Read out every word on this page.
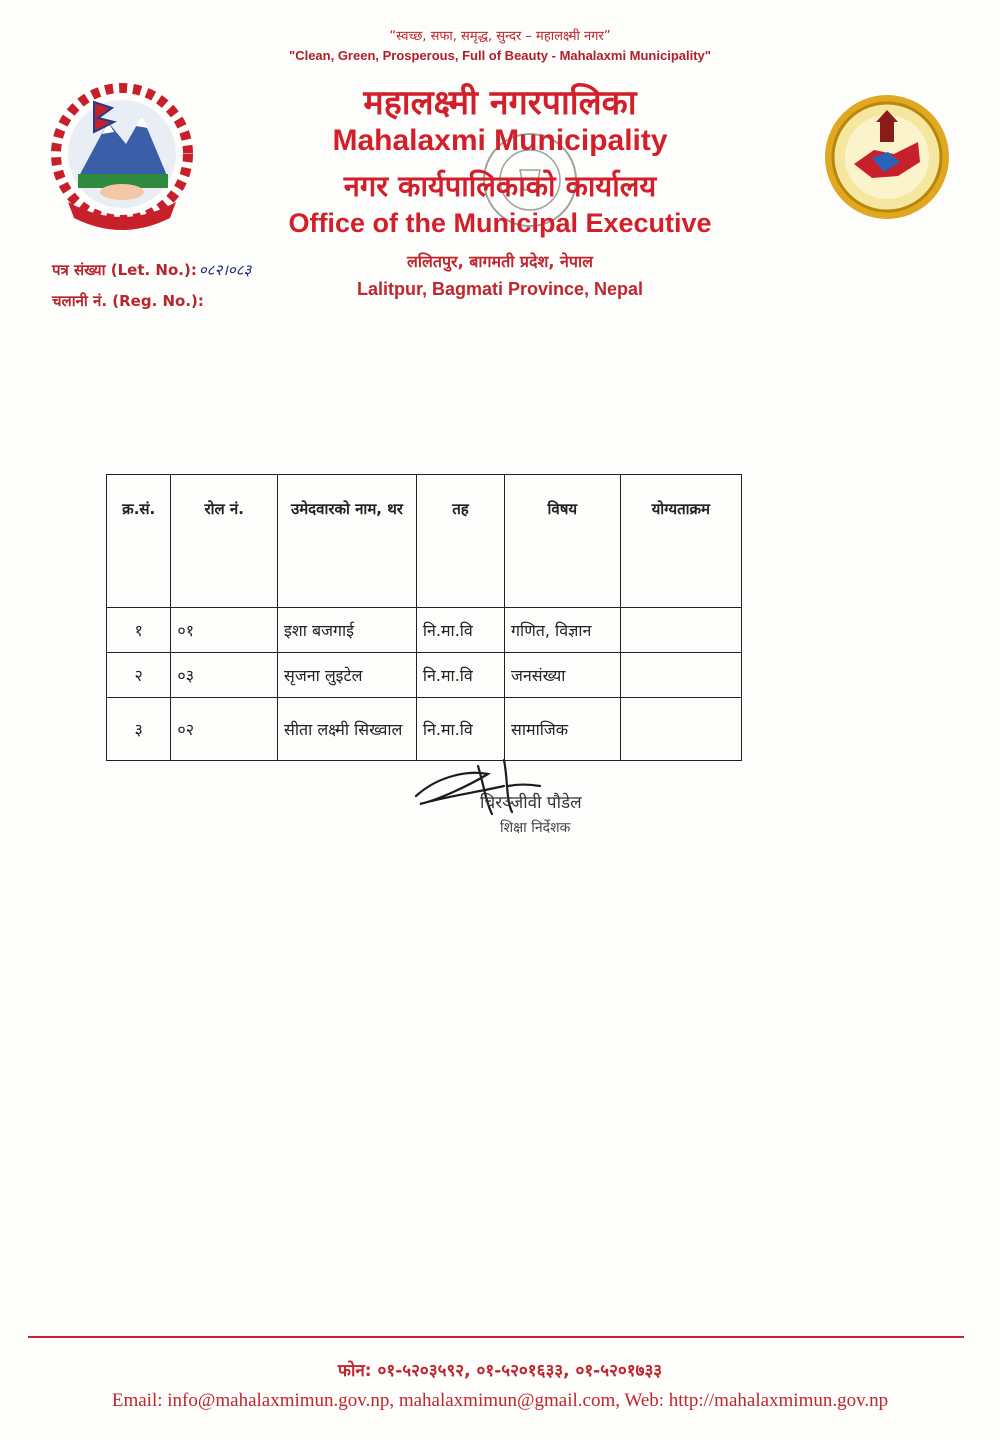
“स्वच्छ, सफा, समृद्ध, सुन्दर – महालक्ष्मी नगर”
"Clean, Green, Prosperous, Full of Beauty - Mahalaxmi Municipality"
महालक्ष्मी नगरपालिका
Mahalaxmi Municipality
नगर कार्यपालिकाको कार्यालय
Office of the Municipal Executive
ललितपुर, बागमती प्रदेश, नेपाल
Lalitpur, Bagmati Province, Nepal
पत्र संख्या (Let. No.): ०८२।०८३
चलानी नं. (Reg. No.):
क्र.सं.	रोल नं.	उमेदवारको नाम, थर	तह	विषय	योग्यताक्रम
१	०१	इशा बजगाई	नि.मा.वि	गणित, विज्ञान	
२	०३	सृजना लुइटेल	नि.मा.वि	जनसंख्या	
३	०२	सीता लक्ष्मी सिख्वाल	नि.मा.वि	सामाजिक	
चिरञ्जीवी पौडेल
शिक्षा निर्देशक
फोन: ०१-५२०३५९२, ०१-५२०१६३३, ०१-५२०१७३३
Email: info@mahalaxmimun.gov.np, mahalaxmimun@gmail.com, Web: http://mahalaxmimun.gov.np
